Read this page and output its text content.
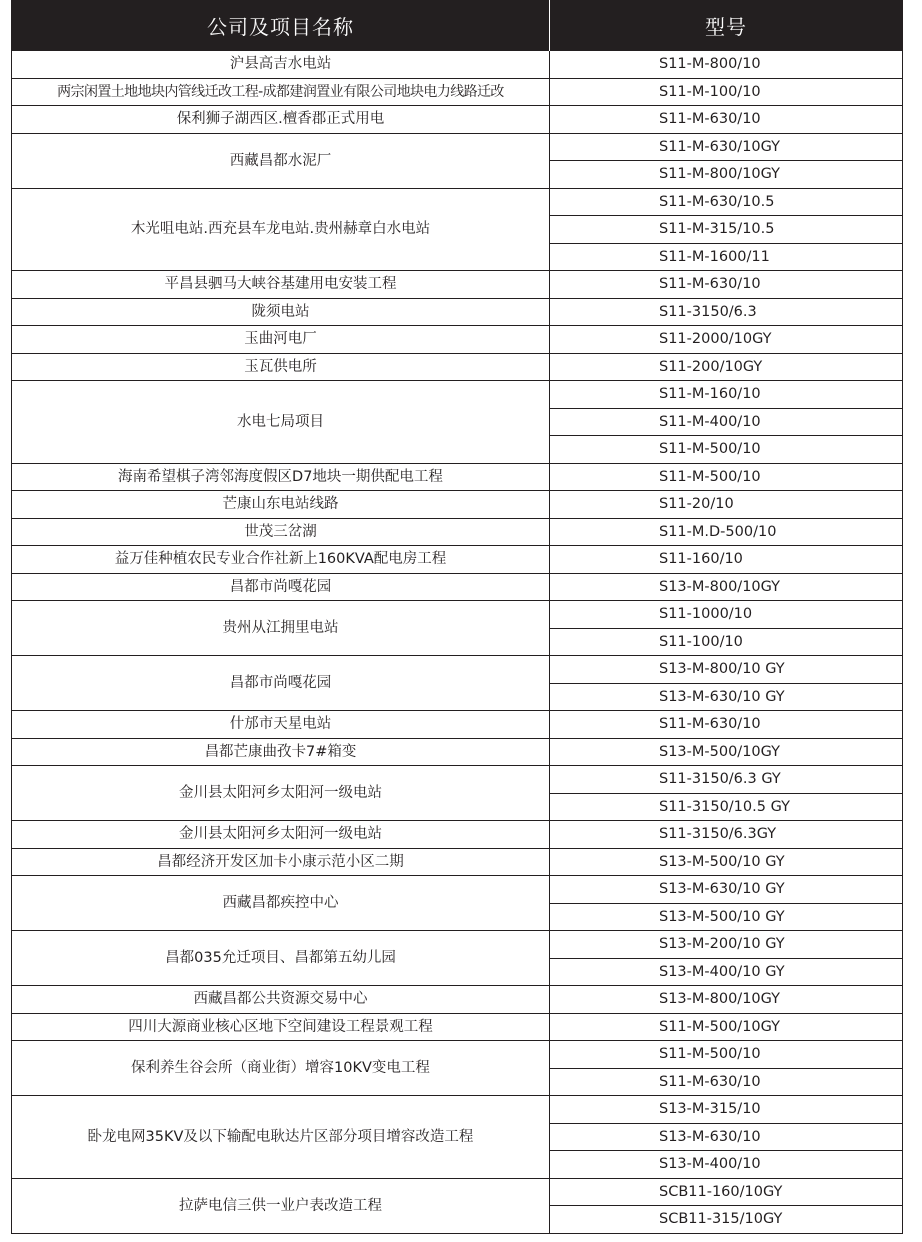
公司及项目名称	型号
沪县高吉水电站	S11-M-800/10
两宗闲置土地地块内管线迁改工程-成都建润置业有限公司地块电力线路迁改	S11-M-100/10
保利狮子湖西区.檀香郡正式用电	S11-M-630/10
西藏昌都水泥厂	S11-M-630/10GY
	S11-M-800/10GY
木光咀电站.西充县车龙电站.贵州赫章白水电站	S11-M-630/10.5
	S11-M-315/10.5
	S11-M-1600/11
平昌县驷马大峡谷基建用电安装工程	S11-M-630/10
陇须电站	S11-3150/6.3
玉曲河电厂	S11-2000/10GY
玉瓦供电所	S11-200/10GY
水电七局项目	S11-M-160/10
	S11-M-400/10
	S11-M-500/10
海南希望棋子湾邻海度假区D7地块一期供配电工程	S11-M-500/10
芒康山东电站线路	S11-20/10
世茂三岔湖	S11-M.D-500/10
益万佳种植农民专业合作社新上160KVA配电房工程	S11-160/10
昌都市尚嘎花园	S13-M-800/10GY
贵州从江拥里电站	S11-1000/10
	S11-100/10
昌都市尚嘎花园	S13-M-800/10 GY
	S13-M-630/10 GY
什邡市天星电站	S11-M-630/10
昌都芒康曲孜卡7#箱变	S13-M-500/10GY
金川县太阳河乡太阳河一级电站	S11-3150/6.3 GY
	S11-3150/10.5 GY
金川县太阳河乡太阳河一级电站	S11-3150/6.3GY
昌都经济开发区加卡小康示范小区二期	S13-M-500/10 GY
西藏昌都疾控中心	S13-M-630/10 GY
	S13-M-500/10 GY
昌都035允迁项目、昌都第五幼儿园	S13-M-200/10 GY
	S13-M-400/10 GY
西藏昌都公共资源交易中心	S13-M-800/10GY
四川大源商业核心区地下空间建设工程景观工程	S11-M-500/10GY
保利养生谷会所（商业街）增容10KV变电工程	S11-M-500/10
	S11-M-630/10
卧龙电网35KV及以下输配电耿达片区部分项目增容改造工程	S13-M-315/10
	S13-M-630/10
	S13-M-400/10
拉萨电信三供一业户表改造工程	SCB11-160/10GY
	SCB11-315/10GY
